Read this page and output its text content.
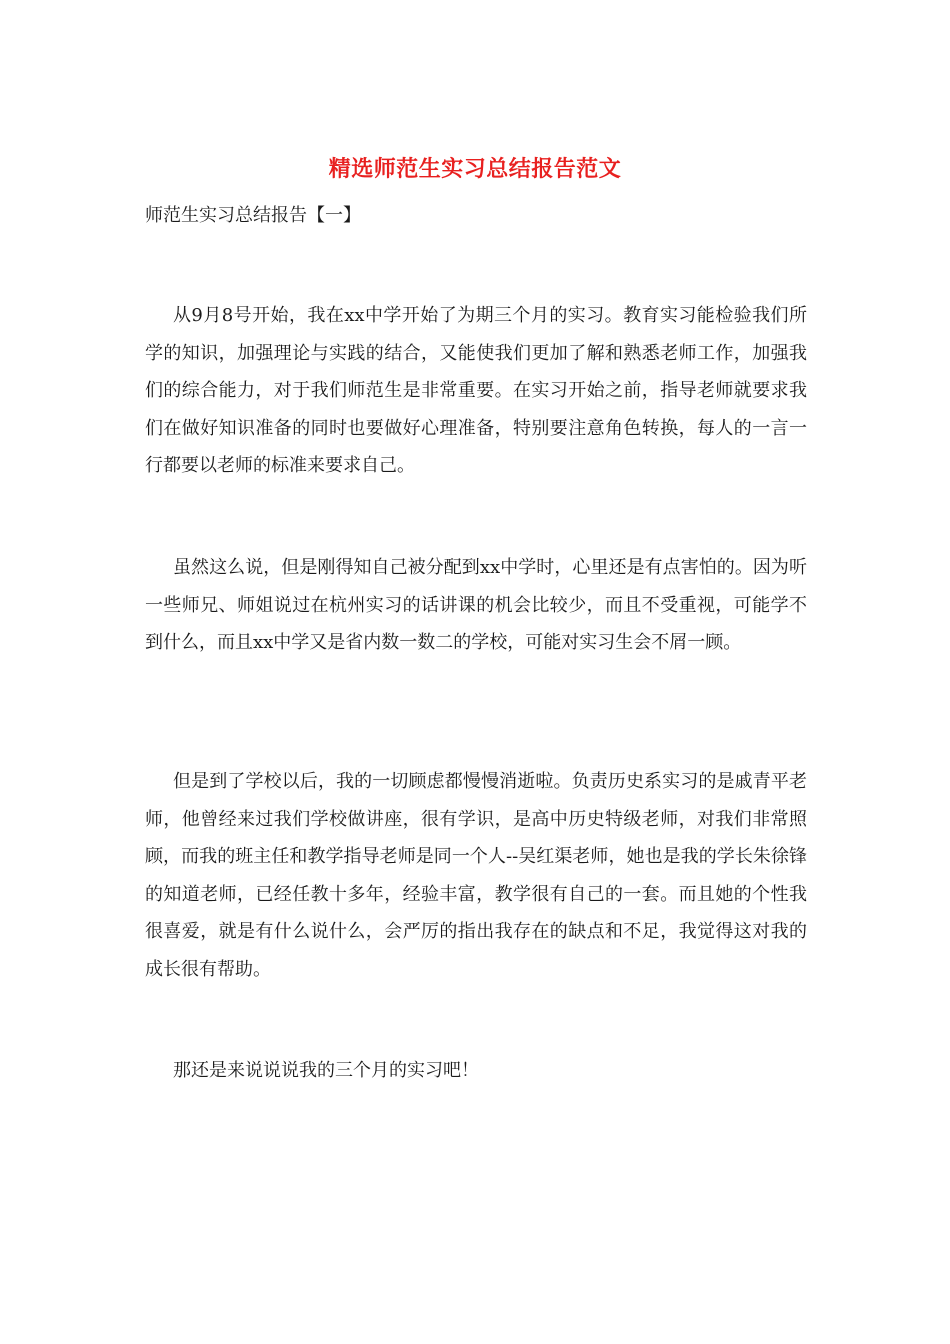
精选师范生实习总结报告范文
师范生实习总结报告【一】

从9月8号开始，我在xx中学开始了为期三个月的实习。教育实习能检验我们所学的知识，加强理论与实践的结合，又能使我们更加了解和熟悉老师工作，加强我们的综合能力，对于我们师范生是非常重要。在实习开始之前，指导老师就要求我们在做好知识准备的同时也要做好心理准备，特别要注意角色转换，每人的一言一行都要以老师的标准来要求自己。

虽然这么说，但是刚得知自己被分配到xx中学时，心里还是有点害怕的。因为听一些师兄、师姐说过在杭州实习的话讲课的机会比较少，而且不受重视，可能学不到什么，而且xx中学又是省内数一数二的学校，可能对实习生会不屑一顾。

但是到了学校以后，我的一切顾虑都慢慢消逝啦。负责历史系实习的是戚青平老师，他曾经来过我们学校做讲座，很有学识，是高中历史特级老师，对我们非常照顾，而我的班主任和教学指导老师是同一个人--吴红渠老师，她也是我的学长朱徐锋的知道老师，已经任教十多年，经验丰富，教学很有自己的一套。而且她的个性我很喜爱，就是有什么说什么，会严厉的指出我存在的缺点和不足，我觉得这对我的成长很有帮助。

那还是来说说说我的三个月的实习吧！
